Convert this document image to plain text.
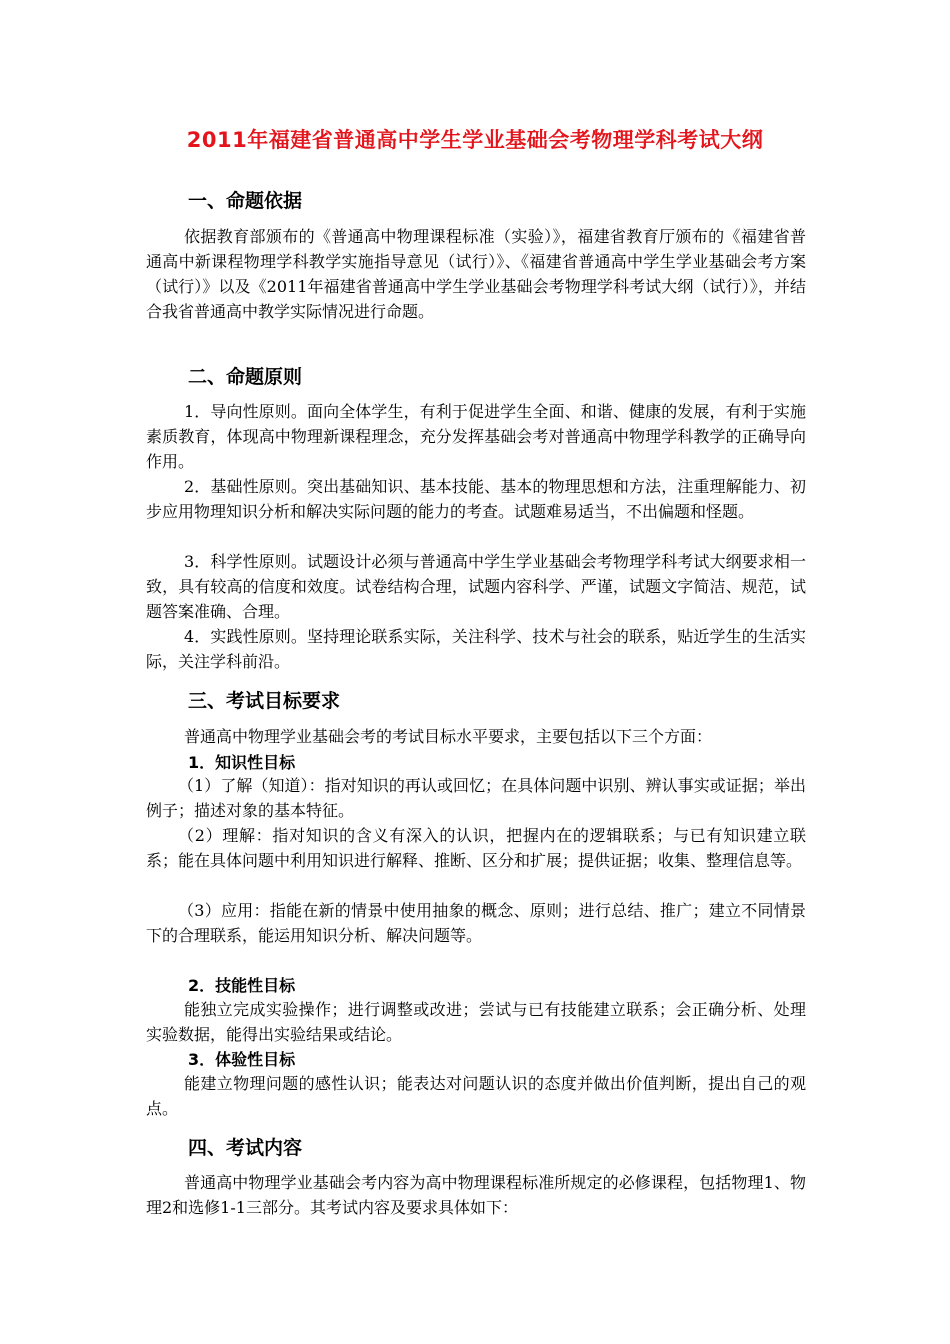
2011年福建省普通高中学生学业基础会考物理学科考试大纲
一、命题依据
依据教育部颁布的《普通高中物理课程标准（实验）》，福建省教育厅颁布的《福建省普通高中新课程物理学科教学实施指导意见（试行）》、《福建省普通高中学生学业基础会考方案（试行）》以及《2011年福建省普通高中学生学业基础会考物理学科考试大纲（试行）》，并结合我省普通高中教学实际情况进行命题。
二、命题原则
1．导向性原则。面向全体学生，有利于促进学生全面、和谐、健康的发展，有利于实施素质教育，体现高中物理新课程理念，充分发挥基础会考对普通高中物理学科教学的正确导向作用。
2．基础性原则。突出基础知识、基本技能、基本的物理思想和方法，注重理解能力、初步应用物理知识分析和解决实际问题的能力的考查。试题难易适当，不出偏题和怪题。
3．科学性原则。试题设计必须与普通高中学生学业基础会考物理学科考试大纲要求相一致，具有较高的信度和效度。试卷结构合理，试题内容科学、严谨，试题文字简洁、规范，试题答案准确、合理。
4．实践性原则。坚持理论联系实际，关注科学、技术与社会的联系，贴近学生的生活实际，关注学科前沿。
三、考试目标要求
普通高中物理学业基础会考的考试目标水平要求，主要包括以下三个方面：
1．知识性目标
（1）了解（知道）：指对知识的再认或回忆；在具体问题中识别、辨认事实或证据；举出例子；描述对象的基本特征。
（2）理解：指对知识的含义有深入的认识，把握内在的逻辑联系；与已有知识建立联系；能在具体问题中利用知识进行解释、推断、区分和扩展；提供证据；收集、整理信息等。
（3）应用：指能在新的情景中使用抽象的概念、原则；进行总结、推广；建立不同情景下的合理联系，能运用知识分析、解决问题等。
2．技能性目标
能独立完成实验操作；进行调整或改进；尝试与已有技能建立联系；会正确分析、处理实验数据，能得出实验结果或结论。
3．体验性目标
能建立物理问题的感性认识；能表达对问题认识的态度并做出价值判断，提出自己的观点。
四、考试内容
普通高中物理学业基础会考内容为高中物理课程标准所规定的必修课程，包括物理1、物理2和选修1-1三部分。其考试内容及要求具体如下：
